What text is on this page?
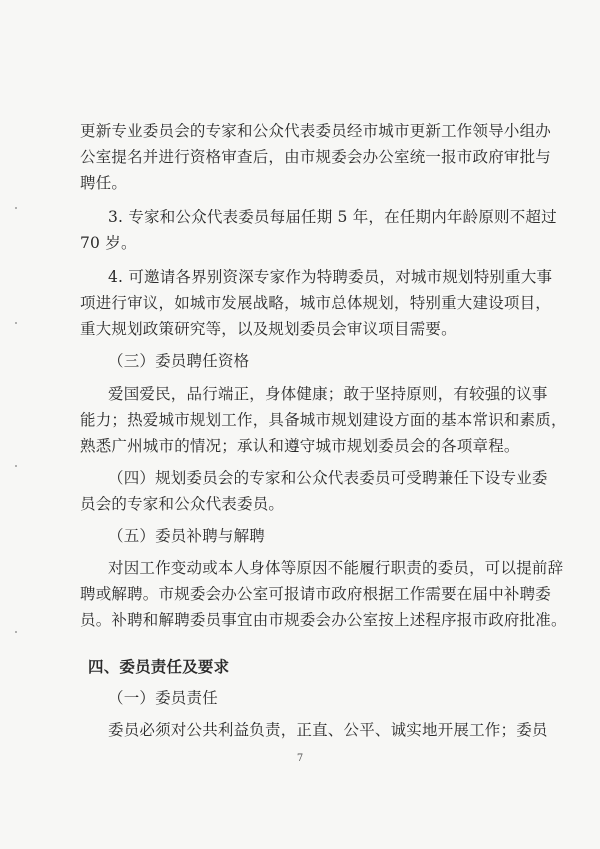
更新专业委员会的专家和公众代表委员经市城市更新工作领导小组办
公室提名并进行资格审查后，由市规委会办公室统一报市政府审批与
聘任。
3. 专家和公众代表委员每届任期 5 年，在任期内年龄原则不超过
70 岁。
4. 可邀请各界别资深专家作为特聘委员，对城市规划特别重大事
项进行审议，如城市发展战略，城市总体规划，特别重大建设项目，
重大规划政策研究等，以及规划委员会审议项目需要。
（三）委员聘任资格
爱国爱民，品行端正，身体健康；敢于坚持原则，有较强的议事
能力；热爱城市规划工作，具备城市规划建设方面的基本常识和素质，
熟悉广州城市的情况；承认和遵守城市规划委员会的各项章程。
（四）规划委员会的专家和公众代表委员可受聘兼任下设专业委
员会的专家和公众代表委员。
（五）委员补聘与解聘
对因工作变动或本人身体等原因不能履行职责的委员，可以提前辞
聘或解聘。市规委会办公室可报请市政府根据工作需要在届中补聘委
员。补聘和解聘委员事宜由市规委会办公室按上述程序报市政府批准。
四、委员责任及要求
（一）委员责任
委员必须对公共利益负责，正直、公平、诚实地开展工作；委员
7
